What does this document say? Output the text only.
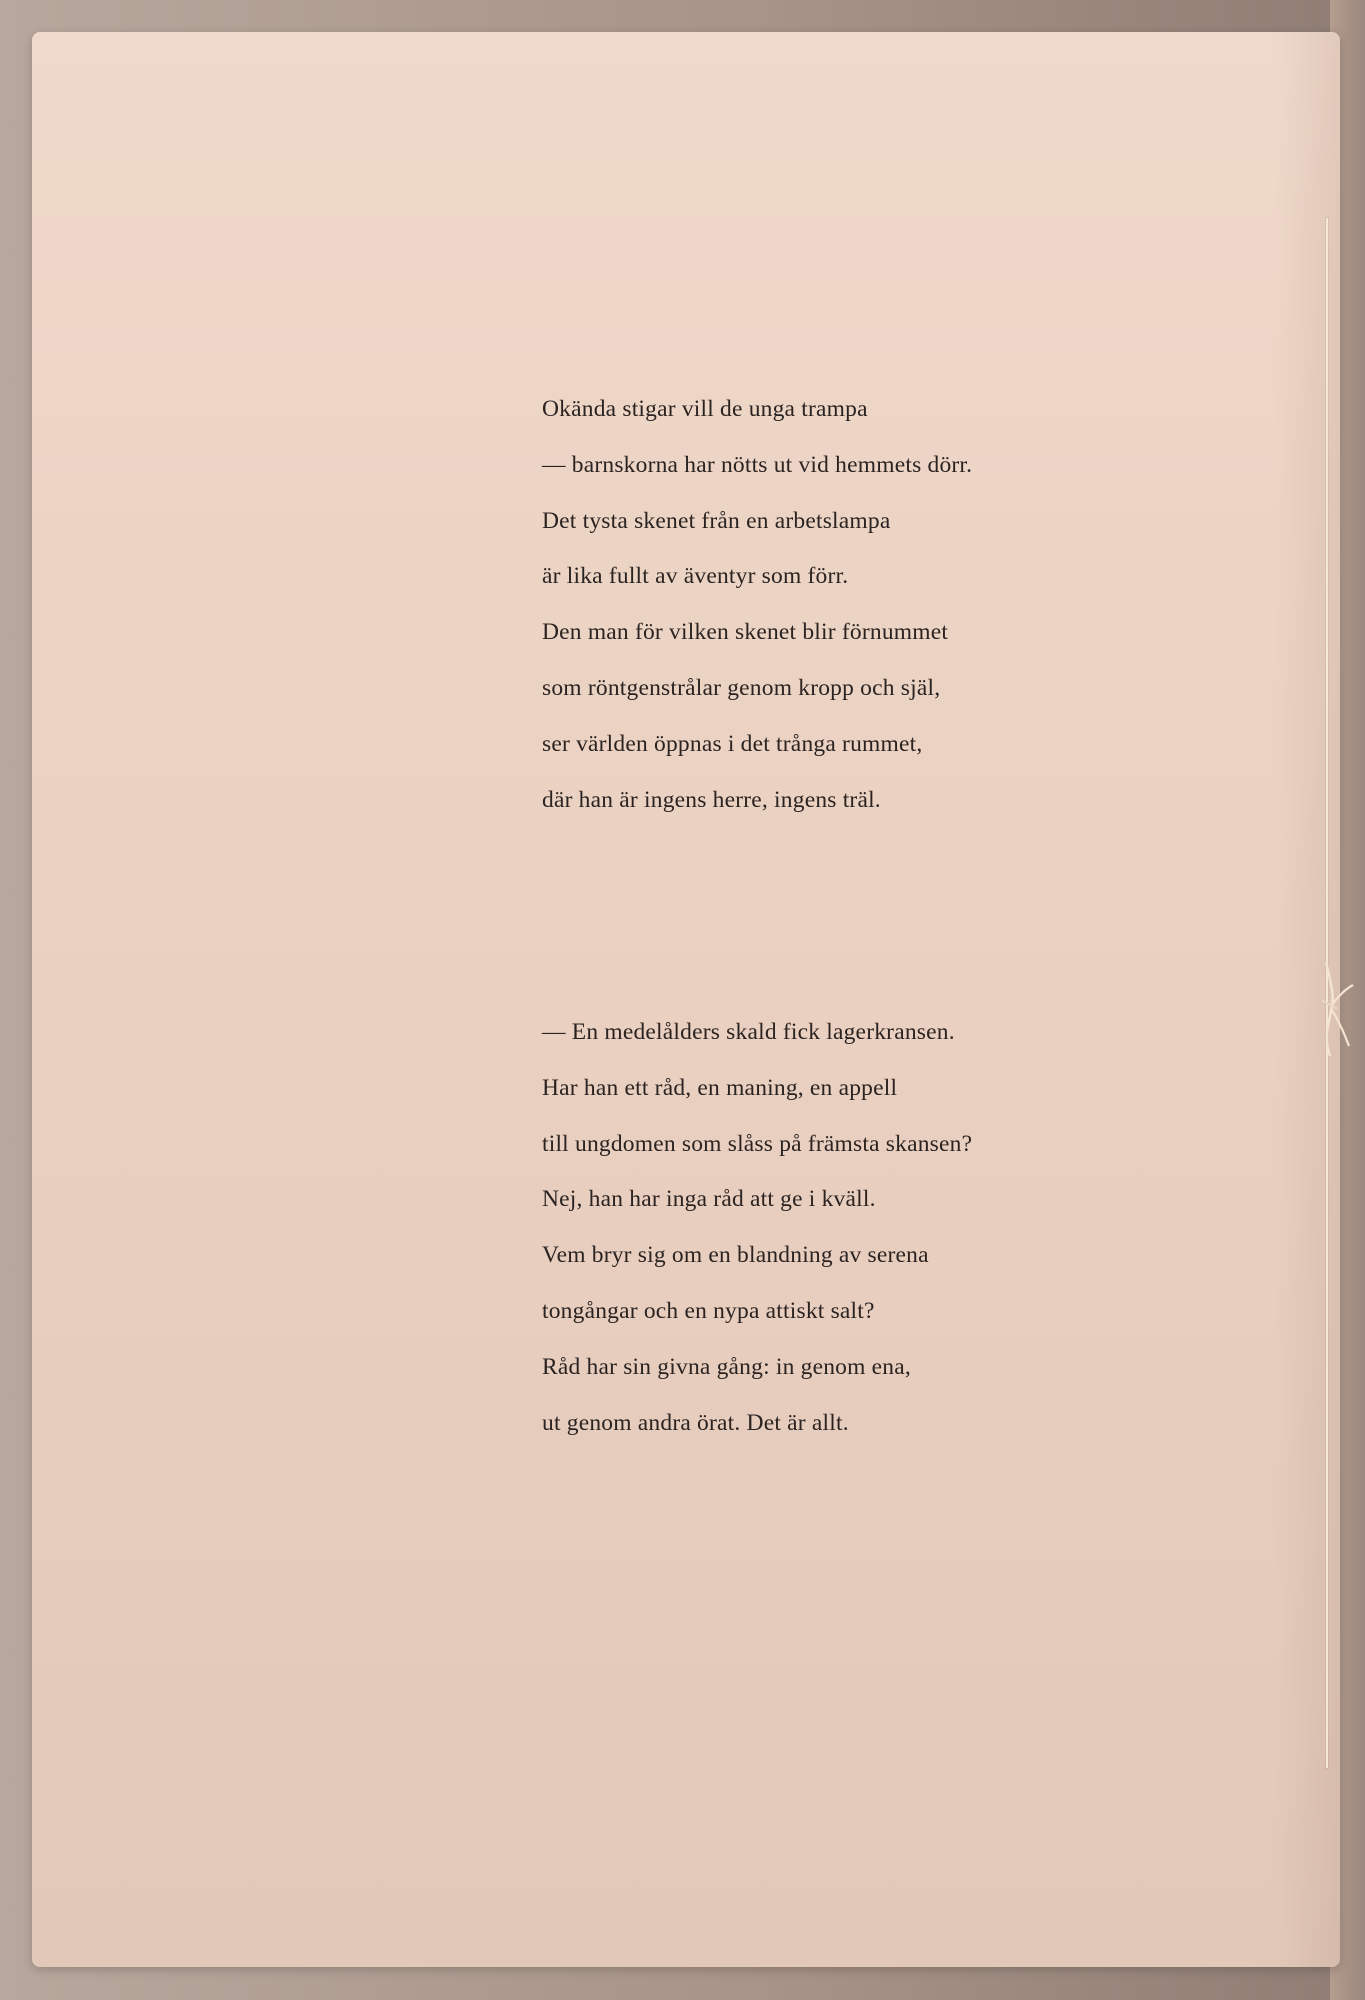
Okända stigar vill de unga trampa
— barnskorna har nötts ut vid hemmets dörr.
Det tysta skenet från en arbetslampa
är lika fullt av äventyr som förr.
Den man för vilken skenet blir förnummet
som röntgenstrålar genom kropp och själ,
ser världen öppnas i det trånga rummet,
där han är ingens herre, ingens träl.
— En medelålders skald fick lagerkransen.
Har han ett råd, en maning, en appell
till ungdomen som slåss på främsta skansen?
Nej, han har inga råd att ge i kväll.
Vem bryr sig om en blandning av serena
tongångar och en nypa attiskt salt?
Råd har sin givna gång: in genom ena,
ut genom andra örat. Det är allt.
